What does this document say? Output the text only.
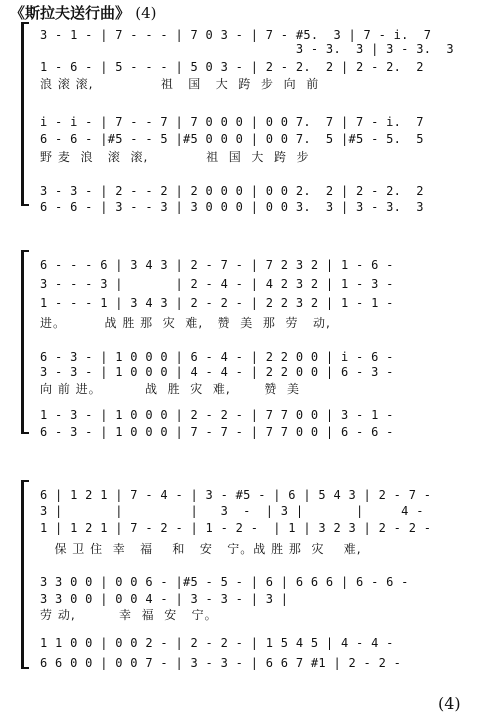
《斯拉夫送行曲》 (4)
3 - 1 - | 7 - - - | 7 0 3 - | 7 - #5.  3 | 7 - i.  7
3 - 3.  3 | 3 - 3.  3
1 - 6 - | 5 - - - | 5 0 3 - | 2 - 2.  2 | 2 - 2.  2
浪 滚 滚,              祖   国   大  跨  步  向  前
i - i - | 7 - - 7 | 7 0 0 0 | 0 0 7.  7 | 7 - i.  7
6 - 6 - |#5 - - 5 |#5 0 0 0 | 0 0 7.  5 |#5 - 5.  5
野 麦  浪   滚  滚,            祖  国  大  跨  步
3 - 3 - | 2 - - 2 | 2 0 0 0 | 0 0 2.  2 | 2 - 2.  2
6 - 6 - | 3 - - 3 | 3 0 0 0 | 0 0 3.  3 | 3 - 3.  3
6 - - - 6 | 3 4 3 | 2 - 7 - | 7 2 3 2 | 1 - 6 -
3 - - - 3 |       | 2 - 4 - | 4 2 3 2 | 1 - 3 -
1 - - - 1 | 3 4 3 | 2 - 2 - | 2 2 3 2 | 1 - 1 -
进。        战 胜 那  灾  难,   赞  美  那  劳   动,
6 - 3 - | 1 0 0 0 | 6 - 4 - | 2 2 0 0 | i - 6 -
3 - 3 - | 1 0 0 0 | 4 - 4 - | 2 2 0 0 | 6 - 3 -
向 前 进。         战  胜  灾  难,       赞  美
1 - 3 - | 1 0 0 0 | 2 - 2 - | 7 7 0 0 | 3 - 1 -
6 - 3 - | 1 0 0 0 | 7 - 7 - | 7 7 0 0 | 6 - 6 -
6 | 1 2 1 | 7 - 4 - | 3 - #5 - | 6 | 5 4 3 | 2 - 7 -
3 |       |         |   3  -  | 3 |       |     4 -
1 | 1 2 1 | 7 - 2 - | 1 - 2 -  | 1 | 3 2 3 | 2 - 2 -
保 卫 住  幸   福    和   安   宁。战 胜 那  灾    难,
3 3 0 0 | 0 0 6 - |#5 - 5 - | 6 | 6 6 6 | 6 - 6 -
3 3 0 0 | 0 0 4 - | 3 - 3 - | 3 |
劳 动,         幸  福  安   宁。
1 1 0 0 | 0 0 2 - | 2 - 2 - | 1 5 4 5 | 4 - 4 -
6 6 0 0 | 0 0 7 - | 3 - 3 - | 6 6 7 #1 | 2 - 2 -
(4)
